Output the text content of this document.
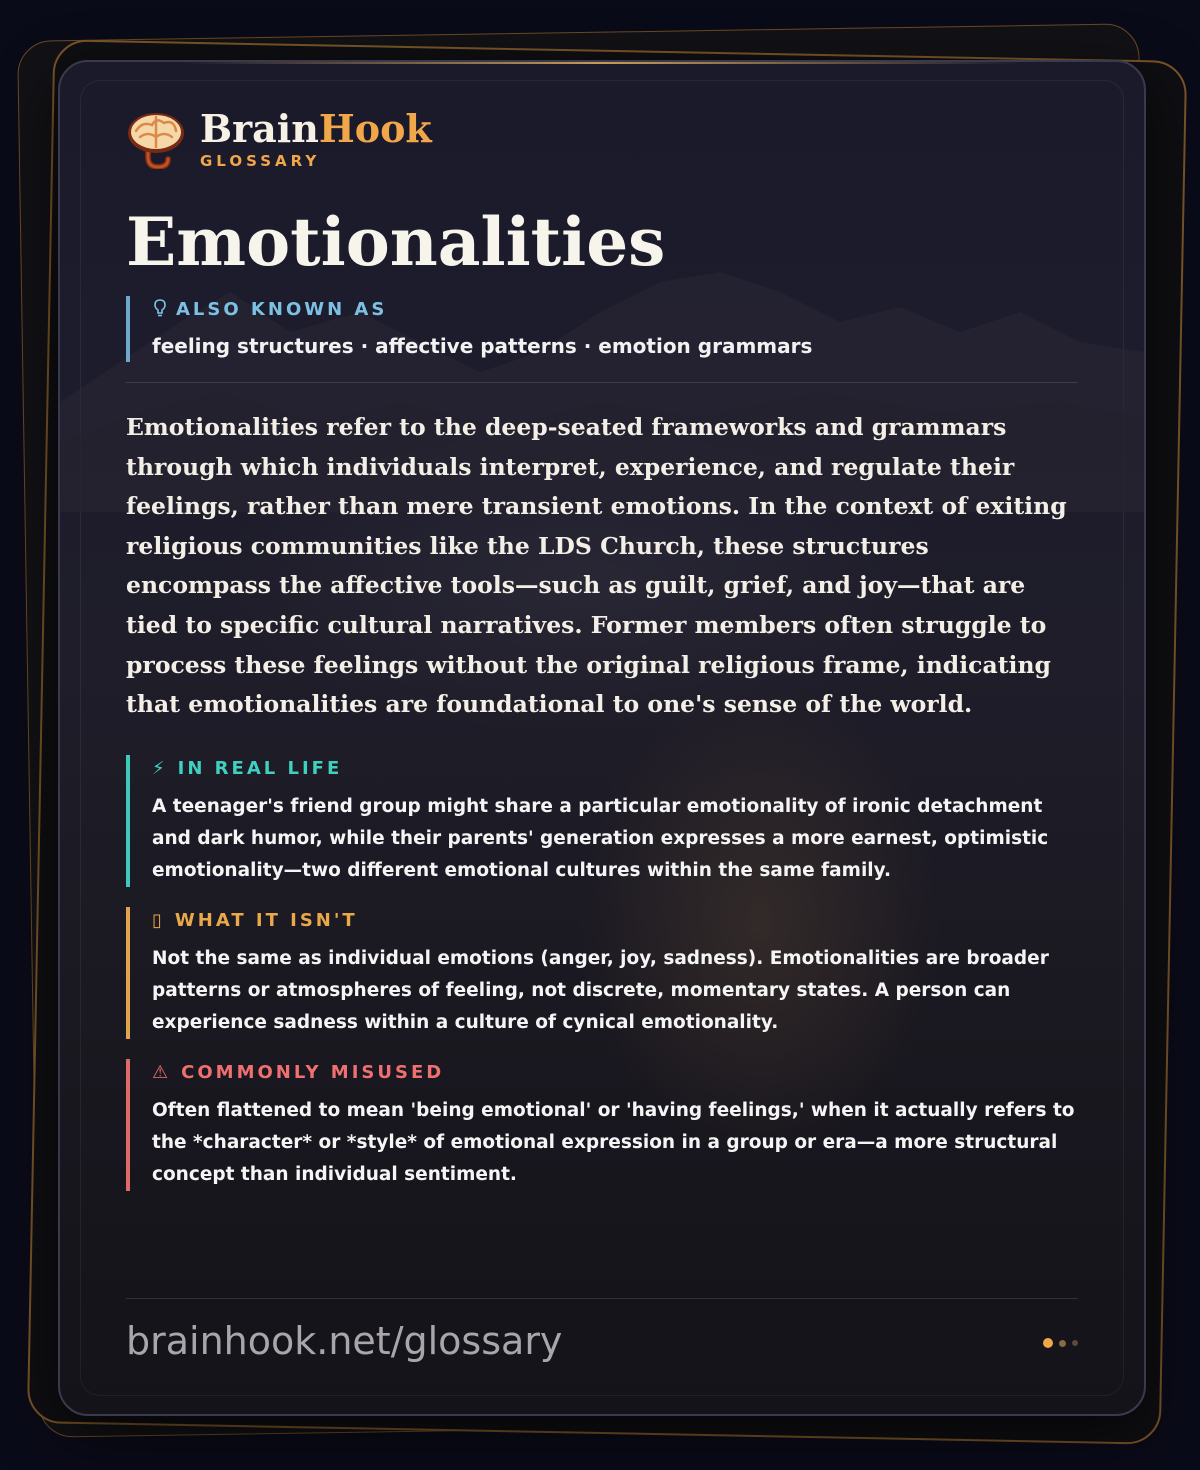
BrainHook
GLOSSARY
Emotionalities
ALSO KNOWN AS
feeling structures · affective patterns · emotion grammars

Emotionalities refer to the deep-seated frameworks and grammars through which individuals interpret, experience, and regulate their feelings, rather than mere transient emotions. In the context of exiting religious communities like the LDS Church, these structures encompass the affective tools—such as guilt, grief, and joy—that are tied to specific cultural narratives. Former members often struggle to process these feelings without the original religious frame, indicating that emotionalities are foundational to one's sense of the world.

⚡ IN REAL LIFE
A teenager's friend group might share a particular emotionality of ironic detachment and dark humor, while their parents' generation expresses a more earnest, optimistic emotionality—two different emotional cultures within the same family.
▯ WHAT IT ISN'T
Not the same as individual emotions (anger, joy, sadness). Emotionalities are broader patterns or atmospheres of feeling, not discrete, momentary states. A person can experience sadness within a culture of cynical emotionality.
⚠ COMMONLY MISUSED
Often flattened to mean 'being emotional' or 'having feelings,' when it actually refers to the *character* or *style* of emotional expression in a group or era—a more structural concept than individual sentiment.
brainhook.net/glossary
